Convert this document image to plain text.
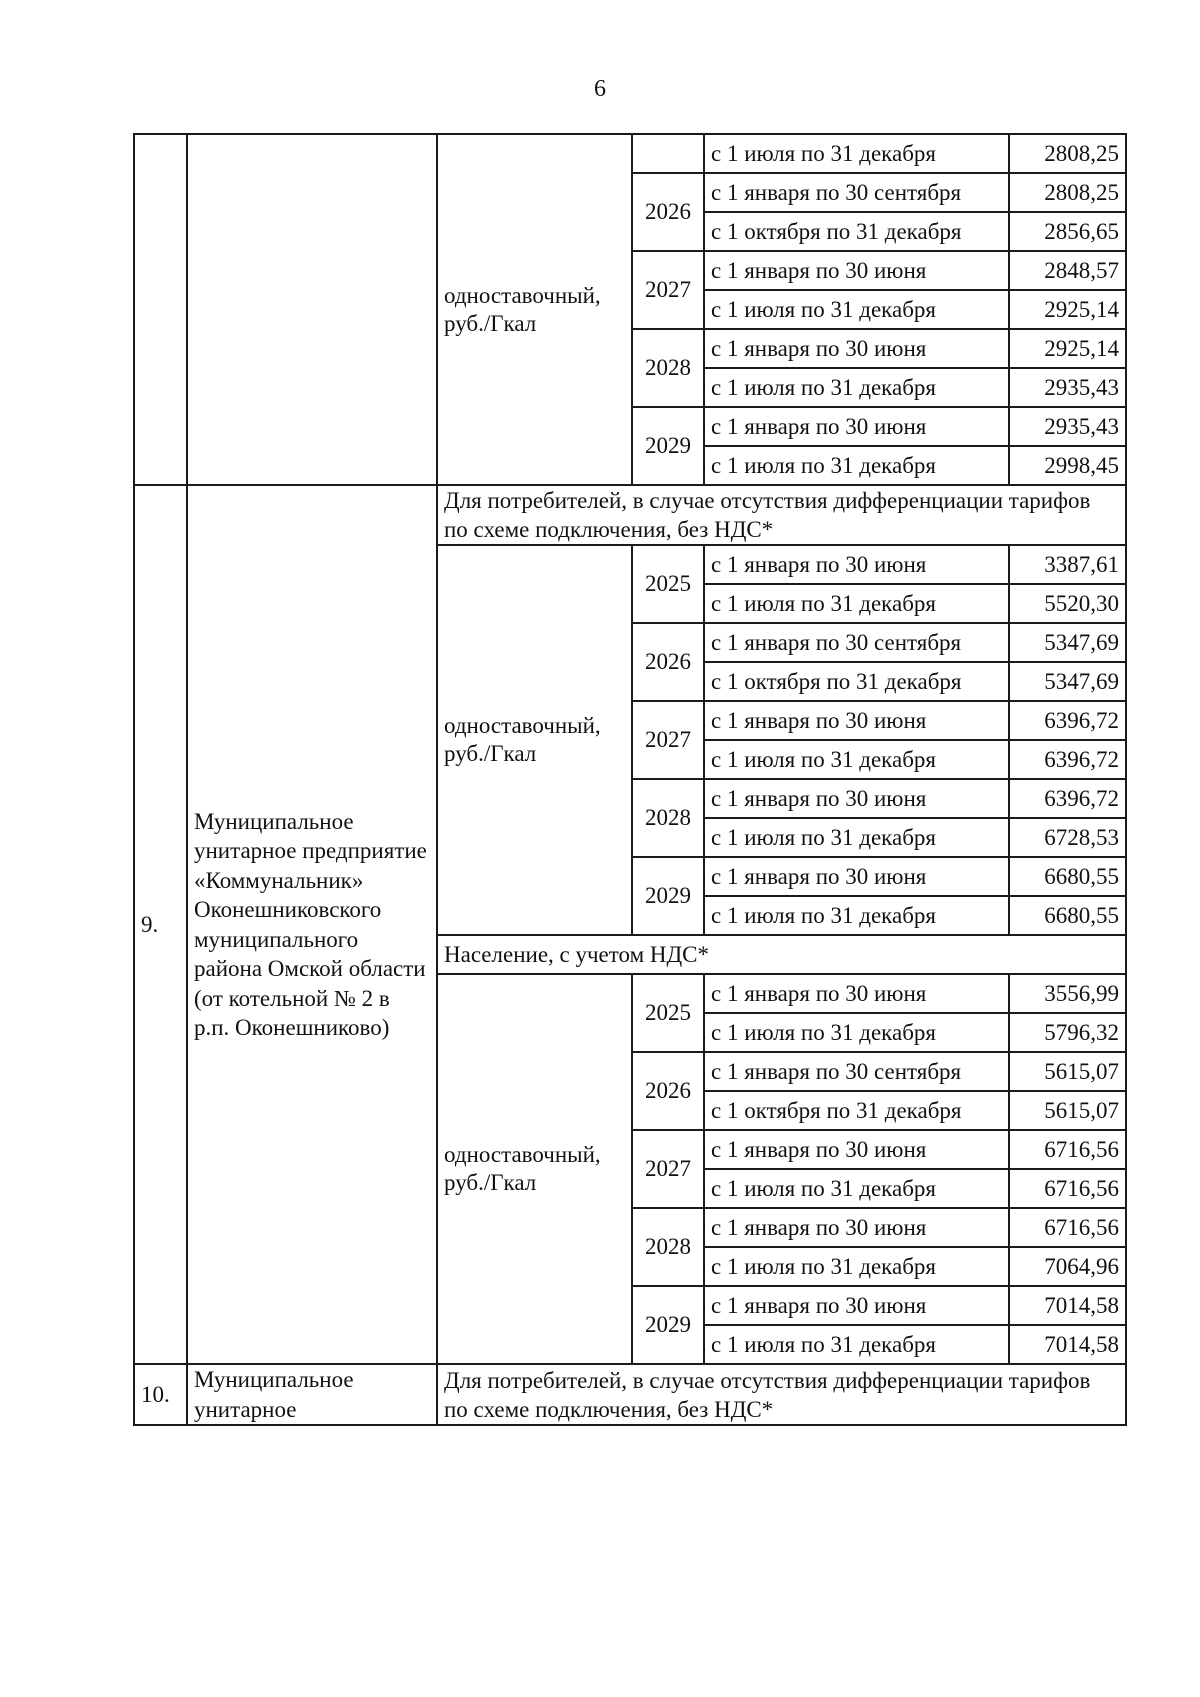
6
		одноставочный, руб./Гкал		с 1 июля по 31 декабря	2808,25
			2026	с 1 января по 30 сентября	2808,25
				с 1 октября по 31 декабря	2856,65
			2027	с 1 января по 30 июня	2848,57
				с 1 июля по 31 декабря	2925,14
			2028	с 1 января по 30 июня	2925,14
				с 1 июля по 31 декабря	2935,43
			2029	с 1 января по 30 июня	2935,43
				с 1 июля по 31 декабря	2998,45
9.	Муниципальное унитарное предприятие «Коммунальник» Оконешниковского муниципального района Омской области (от котельной № 2 в р.п. Оконешниково)	Для потребителей, в случае отсутствия дифференциации тарифов по схеме подключения, без НДС*			
		одноставочный, руб./Гкал	2025	с 1 января по 30 июня	3387,61
				с 1 июля по 31 декабря	5520,30
			2026	с 1 января по 30 сентября	5347,69
				с 1 октября по 31 декабря	5347,69
			2027	с 1 января по 30 июня	6396,72
				с 1 июля по 31 декабря	6396,72
			2028	с 1 января по 30 июня	6396,72
				с 1 июля по 31 декабря	6728,53
			2029	с 1 января по 30 июня	6680,55
				с 1 июля по 31 декабря	6680,55
		Население, с учетом НДС*			
		одноставочный, руб./Гкал	2025	с 1 января по 30 июня	3556,99
				с 1 июля по 31 декабря	5796,32
			2026	с 1 января по 30 сентября	5615,07
				с 1 октября по 31 декабря	5615,07
			2027	с 1 января по 30 июня	6716,56
				с 1 июля по 31 декабря	6716,56
			2028	с 1 января по 30 июня	6716,56
				с 1 июля по 31 декабря	7064,96
			2029	с 1 января по 30 июня	7014,58
				с 1 июля по 31 декабря	7014,58
10.	Муниципальное унитарное	Для потребителей, в случае отсутствия дифференциации тарифов по схеме подключения, без НДС*			
